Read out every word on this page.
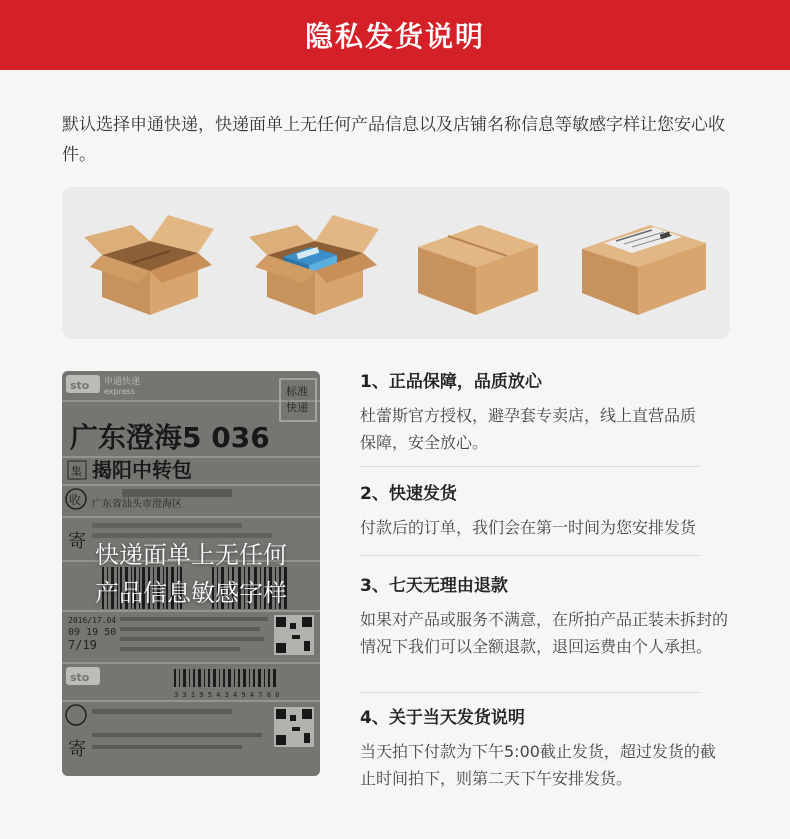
隐私发货说明

默认选择申通快递，快递面单上无任何产品信息以及店铺名称信息等敏感字样让您安心收件。

sto 申通快递
express	标准
快递
广东澄海5 036
集 揭阳中转包
收 广东省汕头市澄海区
寄
2016/17.04
09 19 50
7/19
sto
3 3 1 9 5 4 3 4 9 4 7 8 0
寄
快递面单上无任何
产品信息敏感字样
1、正品保障，品质放心
杜蕾斯官方授权，避孕套专卖店，线上直营品质保障，安全放心。
2、快速发货
付款后的订单，我们会在第一时间为您安排发货
3、七天无理由退款
如果对产品或服务不满意，在所拍产品正装未拆封的情况下我们可以全额退款，退回运费由个人承担。
4、关于当天发货说明
当天拍下付款为下午5:00截止发货，超过发货的截止时间拍下，则第二天下午安排发货。
